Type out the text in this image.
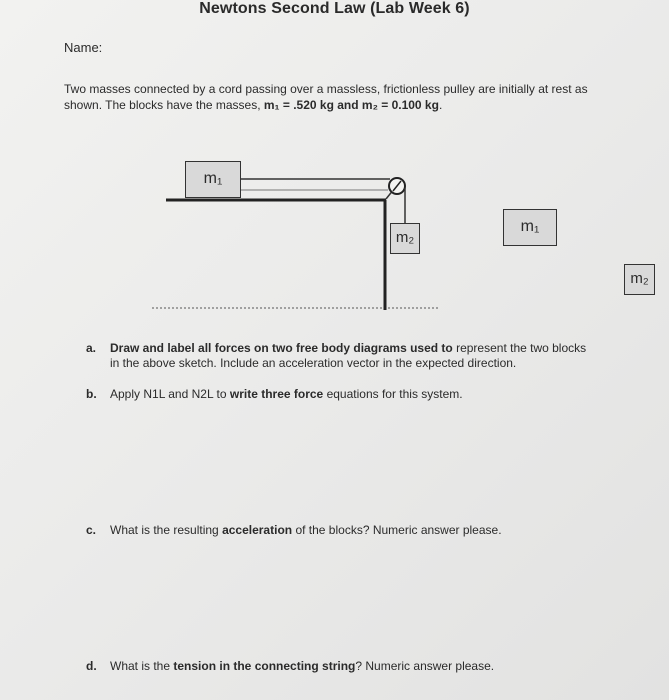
Newtons Second Law (Lab Week 6)
Name:
Two masses connected by a cord passing over a massless, frictionless pulley are initially at rest as shown. The blocks have the masses, m₁ = .520 kg and m₂ = 0.100 kg.
m₁
m₂
m₁
m₂
a. Draw and label all forces on two free body diagrams used to represent the two blocks
in the above sketch. Include an acceleration vector in the expected direction.
b. Apply N1L and N2L to write three force equations for this system.
c. What is the resulting acceleration of the blocks? Numeric answer please.
d. What is the tension in the connecting string? Numeric answer please.
